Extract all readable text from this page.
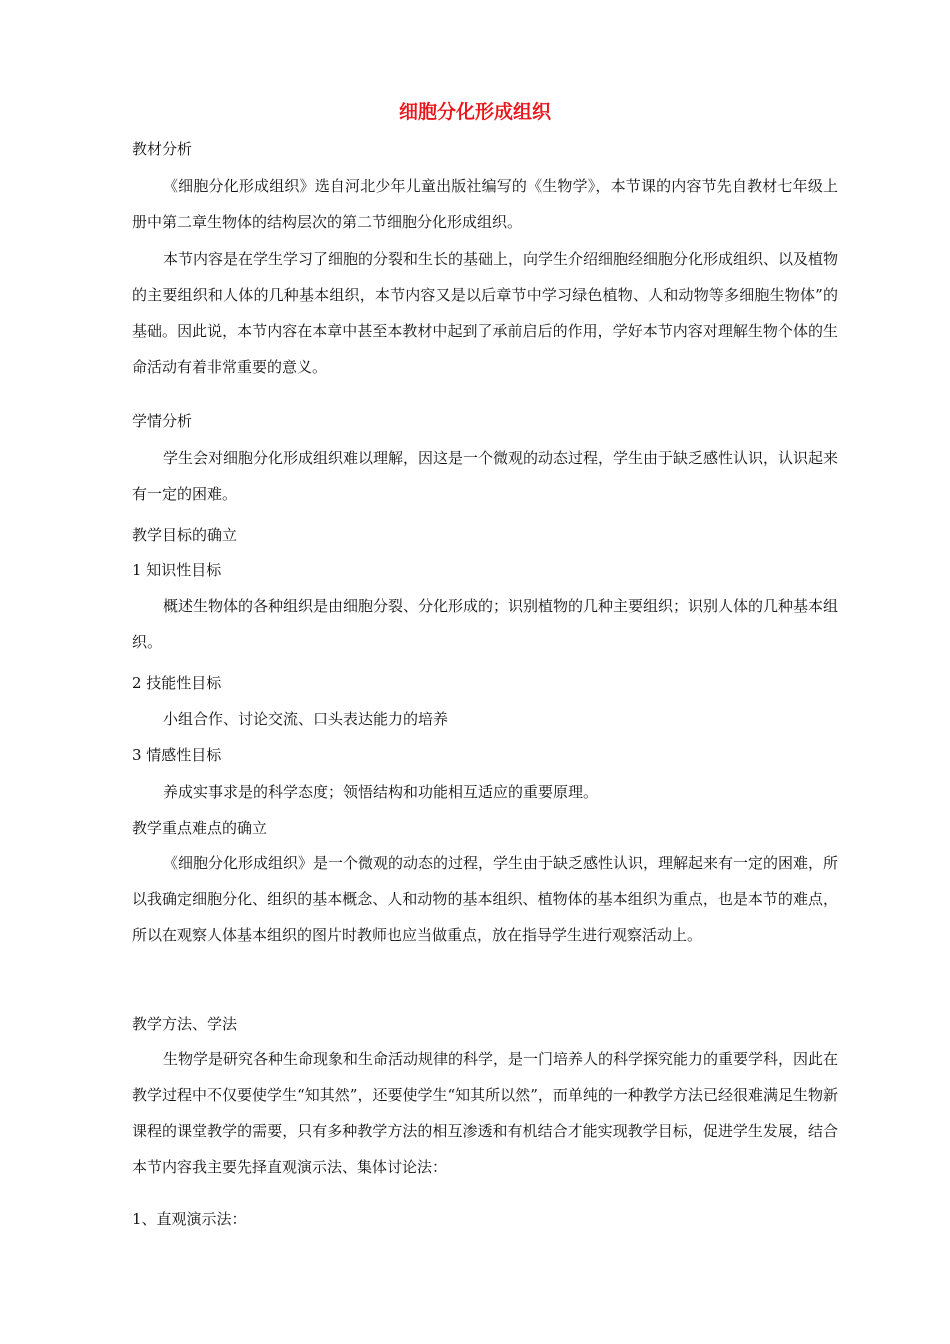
细胞分化形成组织

教材分析

《细胞分化形成组织》选自河北少年儿童出版社编写的《生物学》，本节课的内容节先自教材七年级上册中第二章生物体的结构层次的第二节细胞分化形成组织。

本节内容是在学生学习了细胞的分裂和生长的基础上，向学生介绍细胞经细胞分化形成组织、以及植物的主要组织和人体的几种基本组织，本节内容又是以后章节中学习绿色植物、人和动物等多细胞生物体”的基础。因此说，本节内容在本章中甚至本教材中起到了承前启后的作用，学好本节内容对理解生物个体的生命活动有着非常重要的意义。

学情分析

学生会对细胞分化形成组织难以理解，因这是一个微观的动态过程，学生由于缺乏感性认识，认识起来有一定的困难。

教学目标的确立

1 知识性目标

概述生物体的各种组织是由细胞分裂、分化形成的；识别植物的几种主要组织；识别人体的几种基本组织。

2 技能性目标

小组合作、讨论交流、口头表达能力的培养

3 情感性目标

养成实事求是的科学态度；领悟结构和功能相互适应的重要原理。

教学重点难点的确立

《细胞分化形成组织》是一个微观的动态的过程，学生由于缺乏感性认识，理解起来有一定的困难，所以我确定细胞分化、组织的基本概念、人和动物的基本组织、植物体的基本组织为重点，也是本节的难点，所以在观察人体基本组织的图片时教师也应当做重点，放在指导学生进行观察活动上。

教学方法、学法

生物学是研究各种生命现象和生命活动规律的科学，是一门培养人的科学探究能力的重要学科，因此在教学过程中不仅要使学生“知其然”，还要使学生“知其所以然”，而单纯的一种教学方法已经很难满足生物新课程的课堂教学的需要，只有多种教学方法的相互渗透和有机结合才能实现教学目标，促进学生发展，结合本节内容我主要先择直观演示法、集体讨论法：

1、直观演示法：
